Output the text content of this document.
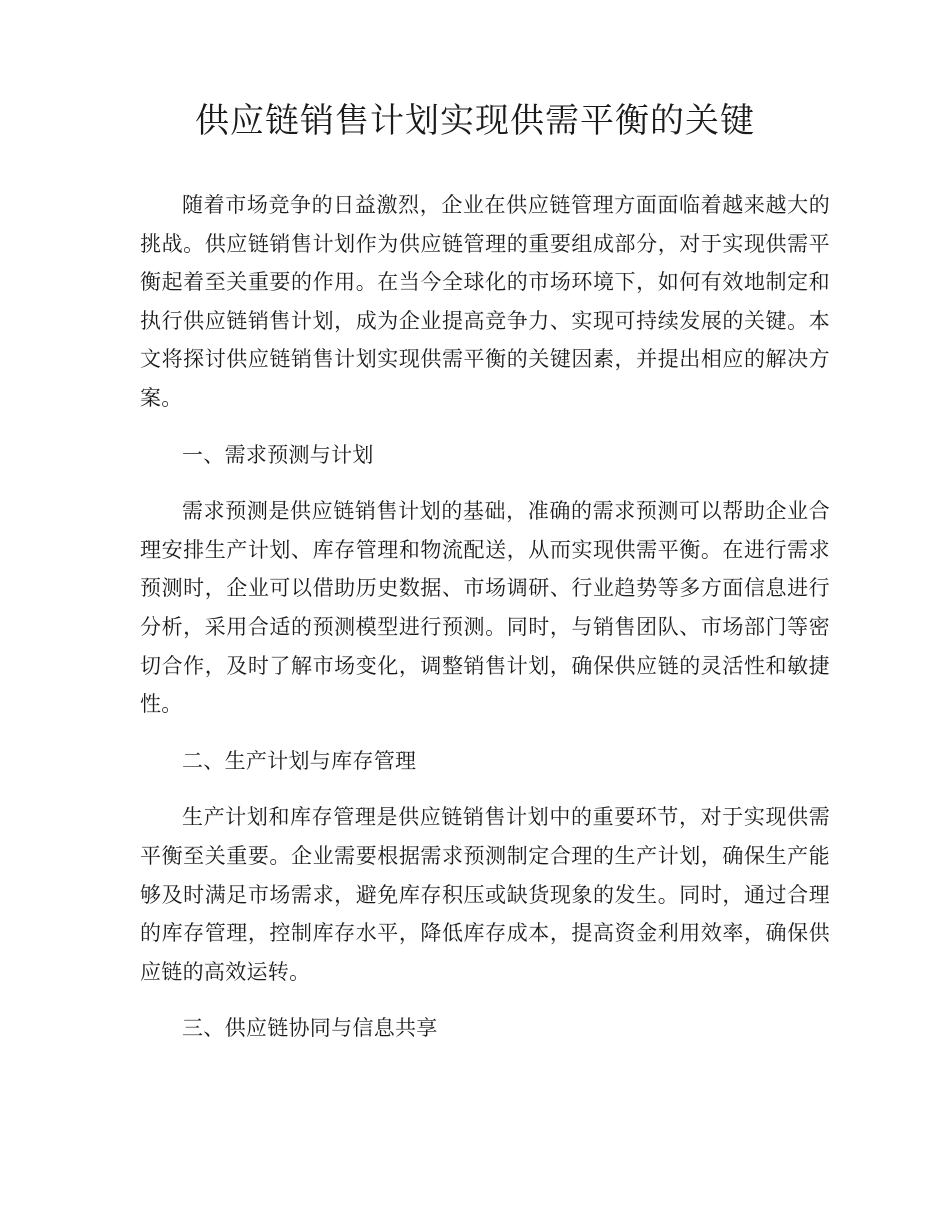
供应链销售计划实现供需平衡的关键

随着市场竞争的日益激烈，企业在供应链管理方面面临着越来越大的挑战。供应链销售计划作为供应链管理的重要组成部分，对于实现供需平衡起着至关重要的作用。在当今全球化的市场环境下，如何有效地制定和执行供应链销售计划，成为企业提高竞争力、实现可持续发展的关键。本文将探讨供应链销售计划实现供需平衡的关键因素，并提出相应的解决方案。

一、需求预测与计划

需求预测是供应链销售计划的基础，准确的需求预测可以帮助企业合理安排生产计划、库存管理和物流配送，从而实现供需平衡。在进行需求预测时，企业可以借助历史数据、市场调研、行业趋势等多方面信息进行分析，采用合适的预测模型进行预测。同时，与销售团队、市场部门等密切合作，及时了解市场变化，调整销售计划，确保供应链的灵活性和敏捷性。

二、生产计划与库存管理

生产计划和库存管理是供应链销售计划中的重要环节，对于实现供需平衡至关重要。企业需要根据需求预测制定合理的生产计划，确保生产能够及时满足市场需求，避免库存积压或缺货现象的发生。同时，通过合理的库存管理，控制库存水平，降低库存成本，提高资金利用效率，确保供应链的高效运转。

三、供应链协同与信息共享
